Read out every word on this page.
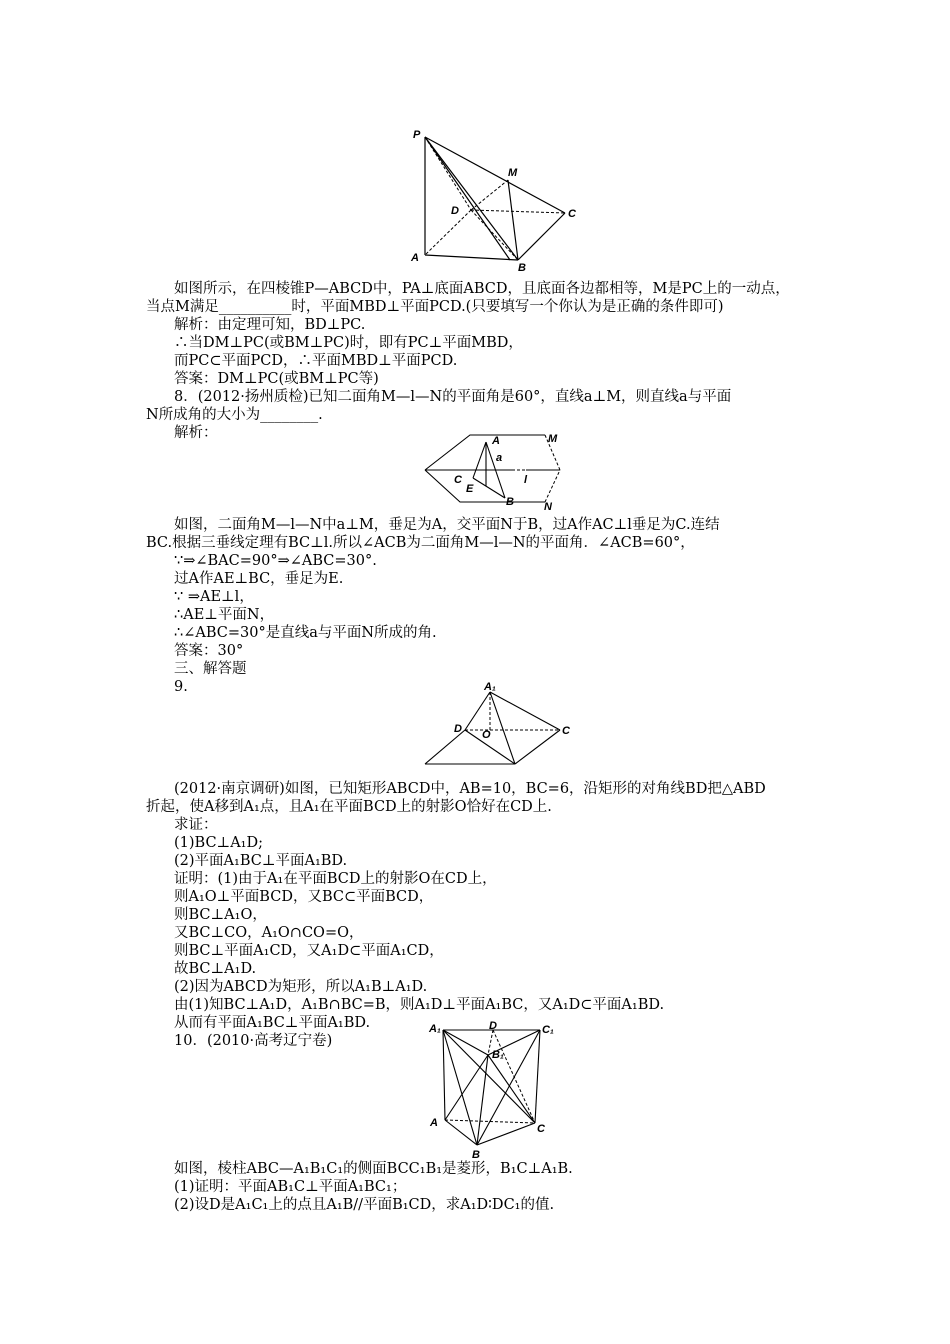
P
M
D	C
A
B
A
a
M
l
C
E
B	N
A₁
D O	C
A₁	D	C₁
B₁
A	C
B
如图所示，在四棱锥P—ABCD中，PA⊥底面ABCD，且底面各边都相等，M是PC上的一动点，
当点M满足__________时，平面MBD⊥平面PCD.(只要填写一个你认为是正确的条件即可)
解析：由定理可知，BD⊥PC.
∴当DM⊥PC(或BM⊥PC)时，即有PC⊥平面MBD，
而PC⊂平面PCD，∴平面MBD⊥平面PCD.
答案：DM⊥PC(或BM⊥PC等)
8．(2012·扬州质检)已知二面角M—l—N的平面角是60°，直线a⊥M，则直线a与平面
N所成角的大小为________.
解析：
如图，二面角M—l—N中a⊥M，垂足为A，交平面N于B，过A作AC⊥l垂足为C.连结
BC.根据三垂线定理有BC⊥l.所以∠ACB为二面角M—l—N的平面角．∠ACB=60°，
∵⇒∠BAC=90°⇒∠ABC=30°.
过A作AE⊥BC，垂足为E.
∵ ⇒AE⊥l，
∴AE⊥平面N，
∴∠ABC=30°是直线a与平面N所成的角.
答案：30°
三、解答题
9.
(2012·南京调研)如图，已知矩形ABCD中，AB=10，BC=6，沿矩形的对角线BD把△ABD
折起，使A移到A₁点，且A₁在平面BCD上的射影O恰好在CD上.
求证：
(1)BC⊥A₁D;
(2)平面A₁BC⊥平面A₁BD.
证明：(1)由于A₁在平面BCD上的射影O在CD上，
则A₁O⊥平面BCD，又BC⊂平面BCD，
则BC⊥A₁O，
又BC⊥CO，A₁O∩CO=O，
则BC⊥平面A₁CD，又A₁D⊂平面A₁CD，
故BC⊥A₁D.
(2)因为ABCD为矩形，所以A₁B⊥A₁D.
由(1)知BC⊥A₁D，A₁B∩BC=B，则A₁D⊥平面A₁BC，又A₁D⊂平面A₁BD.
从而有平面A₁BC⊥平面A₁BD.
10．(2010·高考辽宁卷)
如图，棱柱ABC—A₁B₁C₁的侧面BCC₁B₁是菱形，B₁C⊥A₁B.
(1)证明：平面AB₁C⊥平面A₁BC₁；
(2)设D是A₁C₁上的点且A₁B//平面B₁CD，求A₁D∶DC₁的值.
